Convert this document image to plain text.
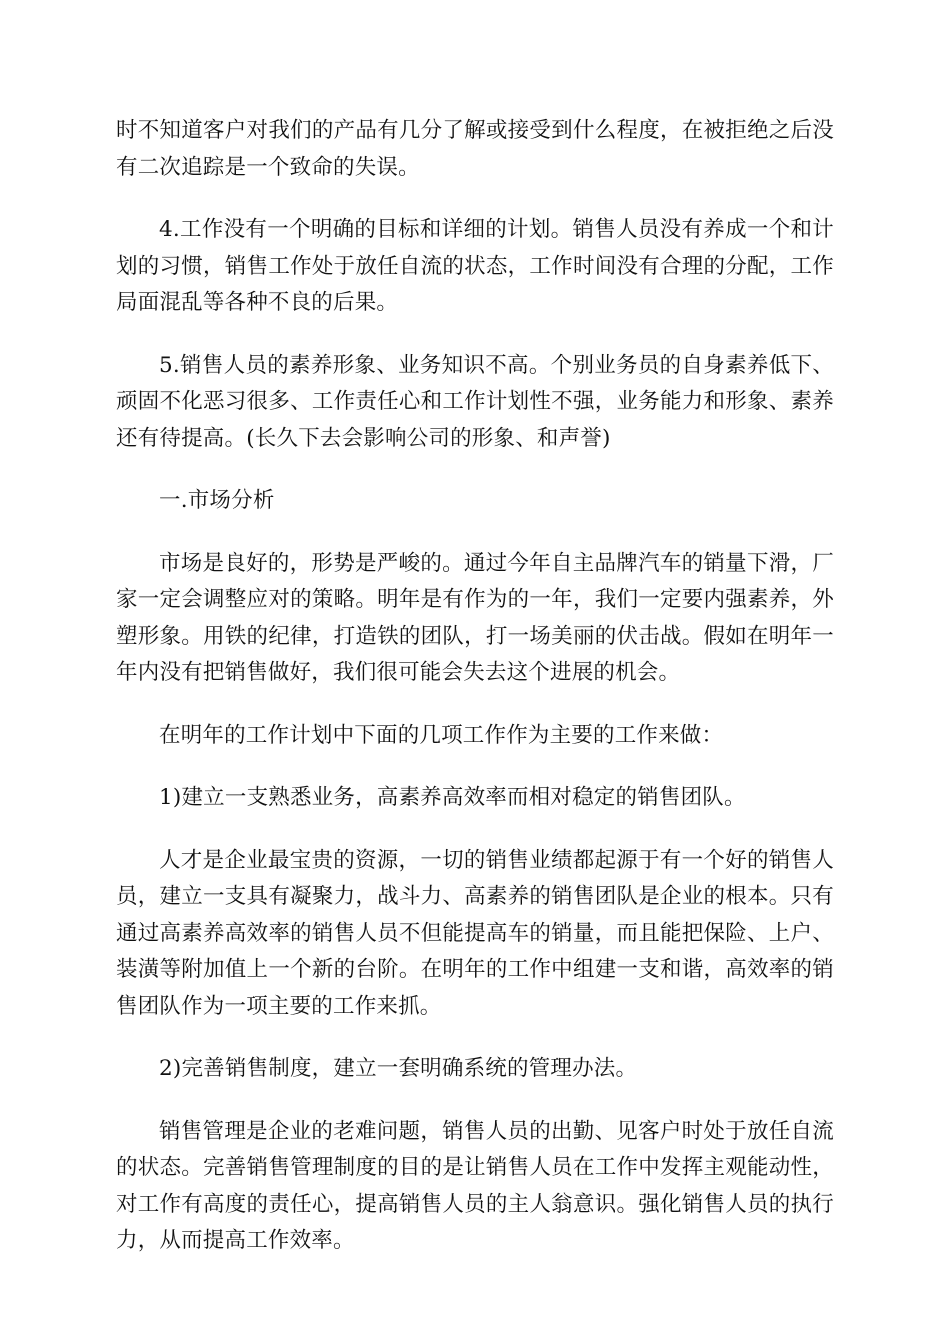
时不知道客户对我们的产品有几分了解或接受到什么程度，在被拒绝之后没有二次追踪是一个致命的失误。

4.工作没有一个明确的目标和详细的计划。销售人员没有养成一个和计划的习惯，销售工作处于放任自流的状态，工作时间没有合理的分配，工作局面混乱等各种不良的后果。

5.销售人员的素养形象、业务知识不高。个别业务员的自身素养低下、顽固不化恶习很多、工作责任心和工作计划性不强，业务能力和形象、素养还有待提高。(长久下去会影响公司的形象、和声誉)

一.市场分析

市场是良好的，形势是严峻的。通过今年自主品牌汽车的销量下滑，厂家一定会调整应对的策略。明年是有作为的一年，我们一定要内强素养，外塑形象。用铁的纪律，打造铁的团队，打一场美丽的伏击战。假如在明年一年内没有把销售做好，我们很可能会失去这个进展的机会。

在明年的工作计划中下面的几项工作作为主要的工作来做：

1)建立一支熟悉业务，高素养高效率而相对稳定的销售团队。

人才是企业最宝贵的资源，一切的销售业绩都起源于有一个好的销售人员，建立一支具有凝聚力，战斗力、高素养的销售团队是企业的根本。只有通过高素养高效率的销售人员不但能提高车的销量，而且能把保险、上户、装潢等附加值上一个新的台阶。在明年的工作中组建一支和谐，高效率的销售团队作为一项主要的工作来抓。

2)完善销售制度，建立一套明确系统的管理办法。

销售管理是企业的老难问题，销售人员的出勤、见客户时处于放任自流的状态。完善销售管理制度的目的是让销售人员在工作中发挥主观能动性，对工作有高度的责任心，提高销售人员的主人翁意识。强化销售人员的执行力，从而提高工作效率。
